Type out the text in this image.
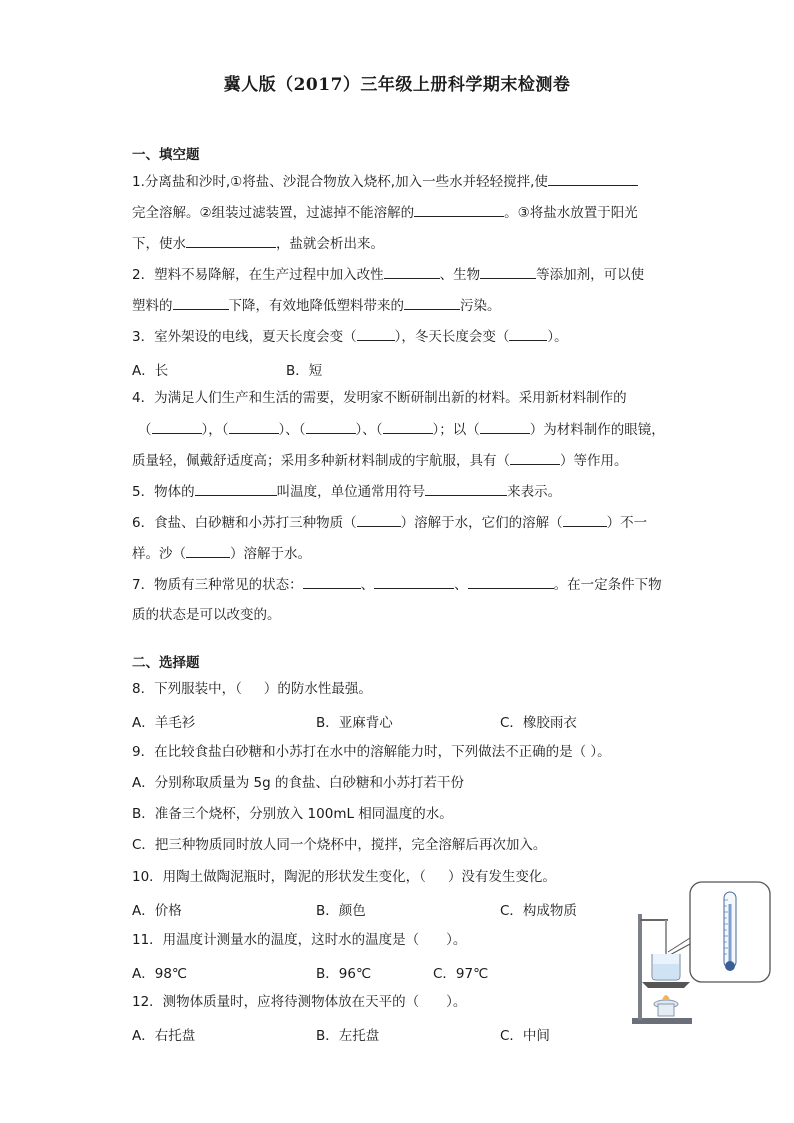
冀人版（2017）三年级上册科学期末检测卷
一、填空题
1.分离盐和沙时,①将盐、沙混合物放入烧杯,加入一些水并轻轻搅拌,使
完全溶解。②组装过滤装置，过滤掉不能溶解的	。③将盐水放置于阳光
下，使水	，盐就会析出来。
2．塑料不易降解，在生产过程中加入改性	、生物	等添加剂，可以使
塑料的	下降，有效地降低塑料带来的	污染。
3．室外架设的电线，夏天长度会变（	），冬天长度会变（	）。
A．长	B．短
4．为满足人们生产和生活的需要，发明家不断研制出新的材料。采用新材料制作的
（	），（	）、（	）、（	）；以（	）为材料制作的眼镜，
质量轻，佩戴舒适度高；采用多种新材料制成的宇航服，具有（	）等作用。
5．物体的	叫温度，单位通常用符号	来表示。
6．食盐、白砂糖和小苏打三种物质（	）溶解于水，它们的溶解（	）不一
样。沙（	）溶解于水。
7．物质有三种常见的状态：	、	、	。在一定条件下物
质的状态是可以改变的。
二、选择题
8．下列服装中，（ ）的防水性最强。
A．羊毛衫	B．亚麻背心	C．橡胶雨衣
9．在比较食盐白砂糖和小苏打在水中的溶解能力时，下列做法不正确的是（ ）。
A．分别称取质量为 5g 的食盐、白砂糖和小苏打若干份
B．准备三个烧杯，分别放入 100mL 相同温度的水。
C．把三种物质同时放人同一个烧杯中，搅拌，完全溶解后再次加入。
10．用陶土做陶泥瓶时，陶泥的形状发生变化，（ ）没有发生变化。
A．价格	B．颜色	C．构成物质
11．用温度计测量水的温度，这时水的温度是（　　）。
A．98℃	B．96℃	C．97℃
12．测物体质量时，应将待测物体放在天平的（　　）。
A．右托盘	B．左托盘	C．中间
